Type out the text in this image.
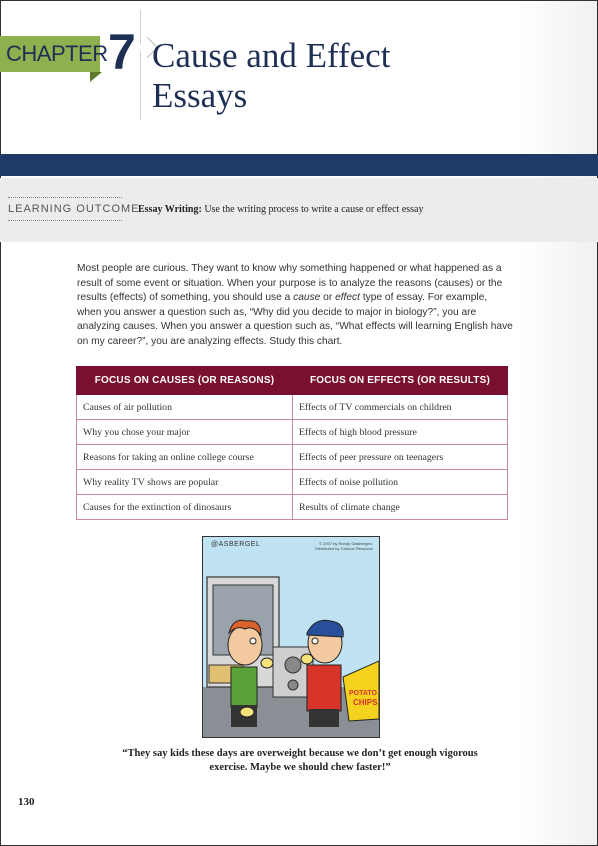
CHAPTER 7 Cause and Effect
Essays
LEARNING OUTCOME
Essay Writing: Use the writing process to write a cause or effect essay
Most people are curious. They want to know why something happened or what happened as a result of some event or situation. When your purpose is to analyze the reasons (causes) or the results (effects) of something, you should use a cause or effect type of essay. For example, when you answer a question such as, “Why did you decide to major in biology?”, you are analyzing causes. When you answer a question such as, “What effects will learning English have on my career?”, you are analyzing effects. Study this chart.
FOCUS ON CAUSES (OR REASONS)	FOCUS ON EFFECTS (OR RESULTS)
Causes of air pollution	Effects of TV commercials on children
Why you chose your major	Effects of high blood pressure
Reasons for taking an online college course	Effects of peer pressure on teenagers
Why reality TV shows are popular	Effects of noise pollution
Causes for the extinction of dinosaurs	Results of climate change
POTATO
CHIPS
@ASBERGEL	© 2007 by Randy Glasbergen. Distributed by Cartoon Resource
“They say kids these days are overweight because we don’t get enough vigorous exercise. Maybe we should chew faster!”
130
